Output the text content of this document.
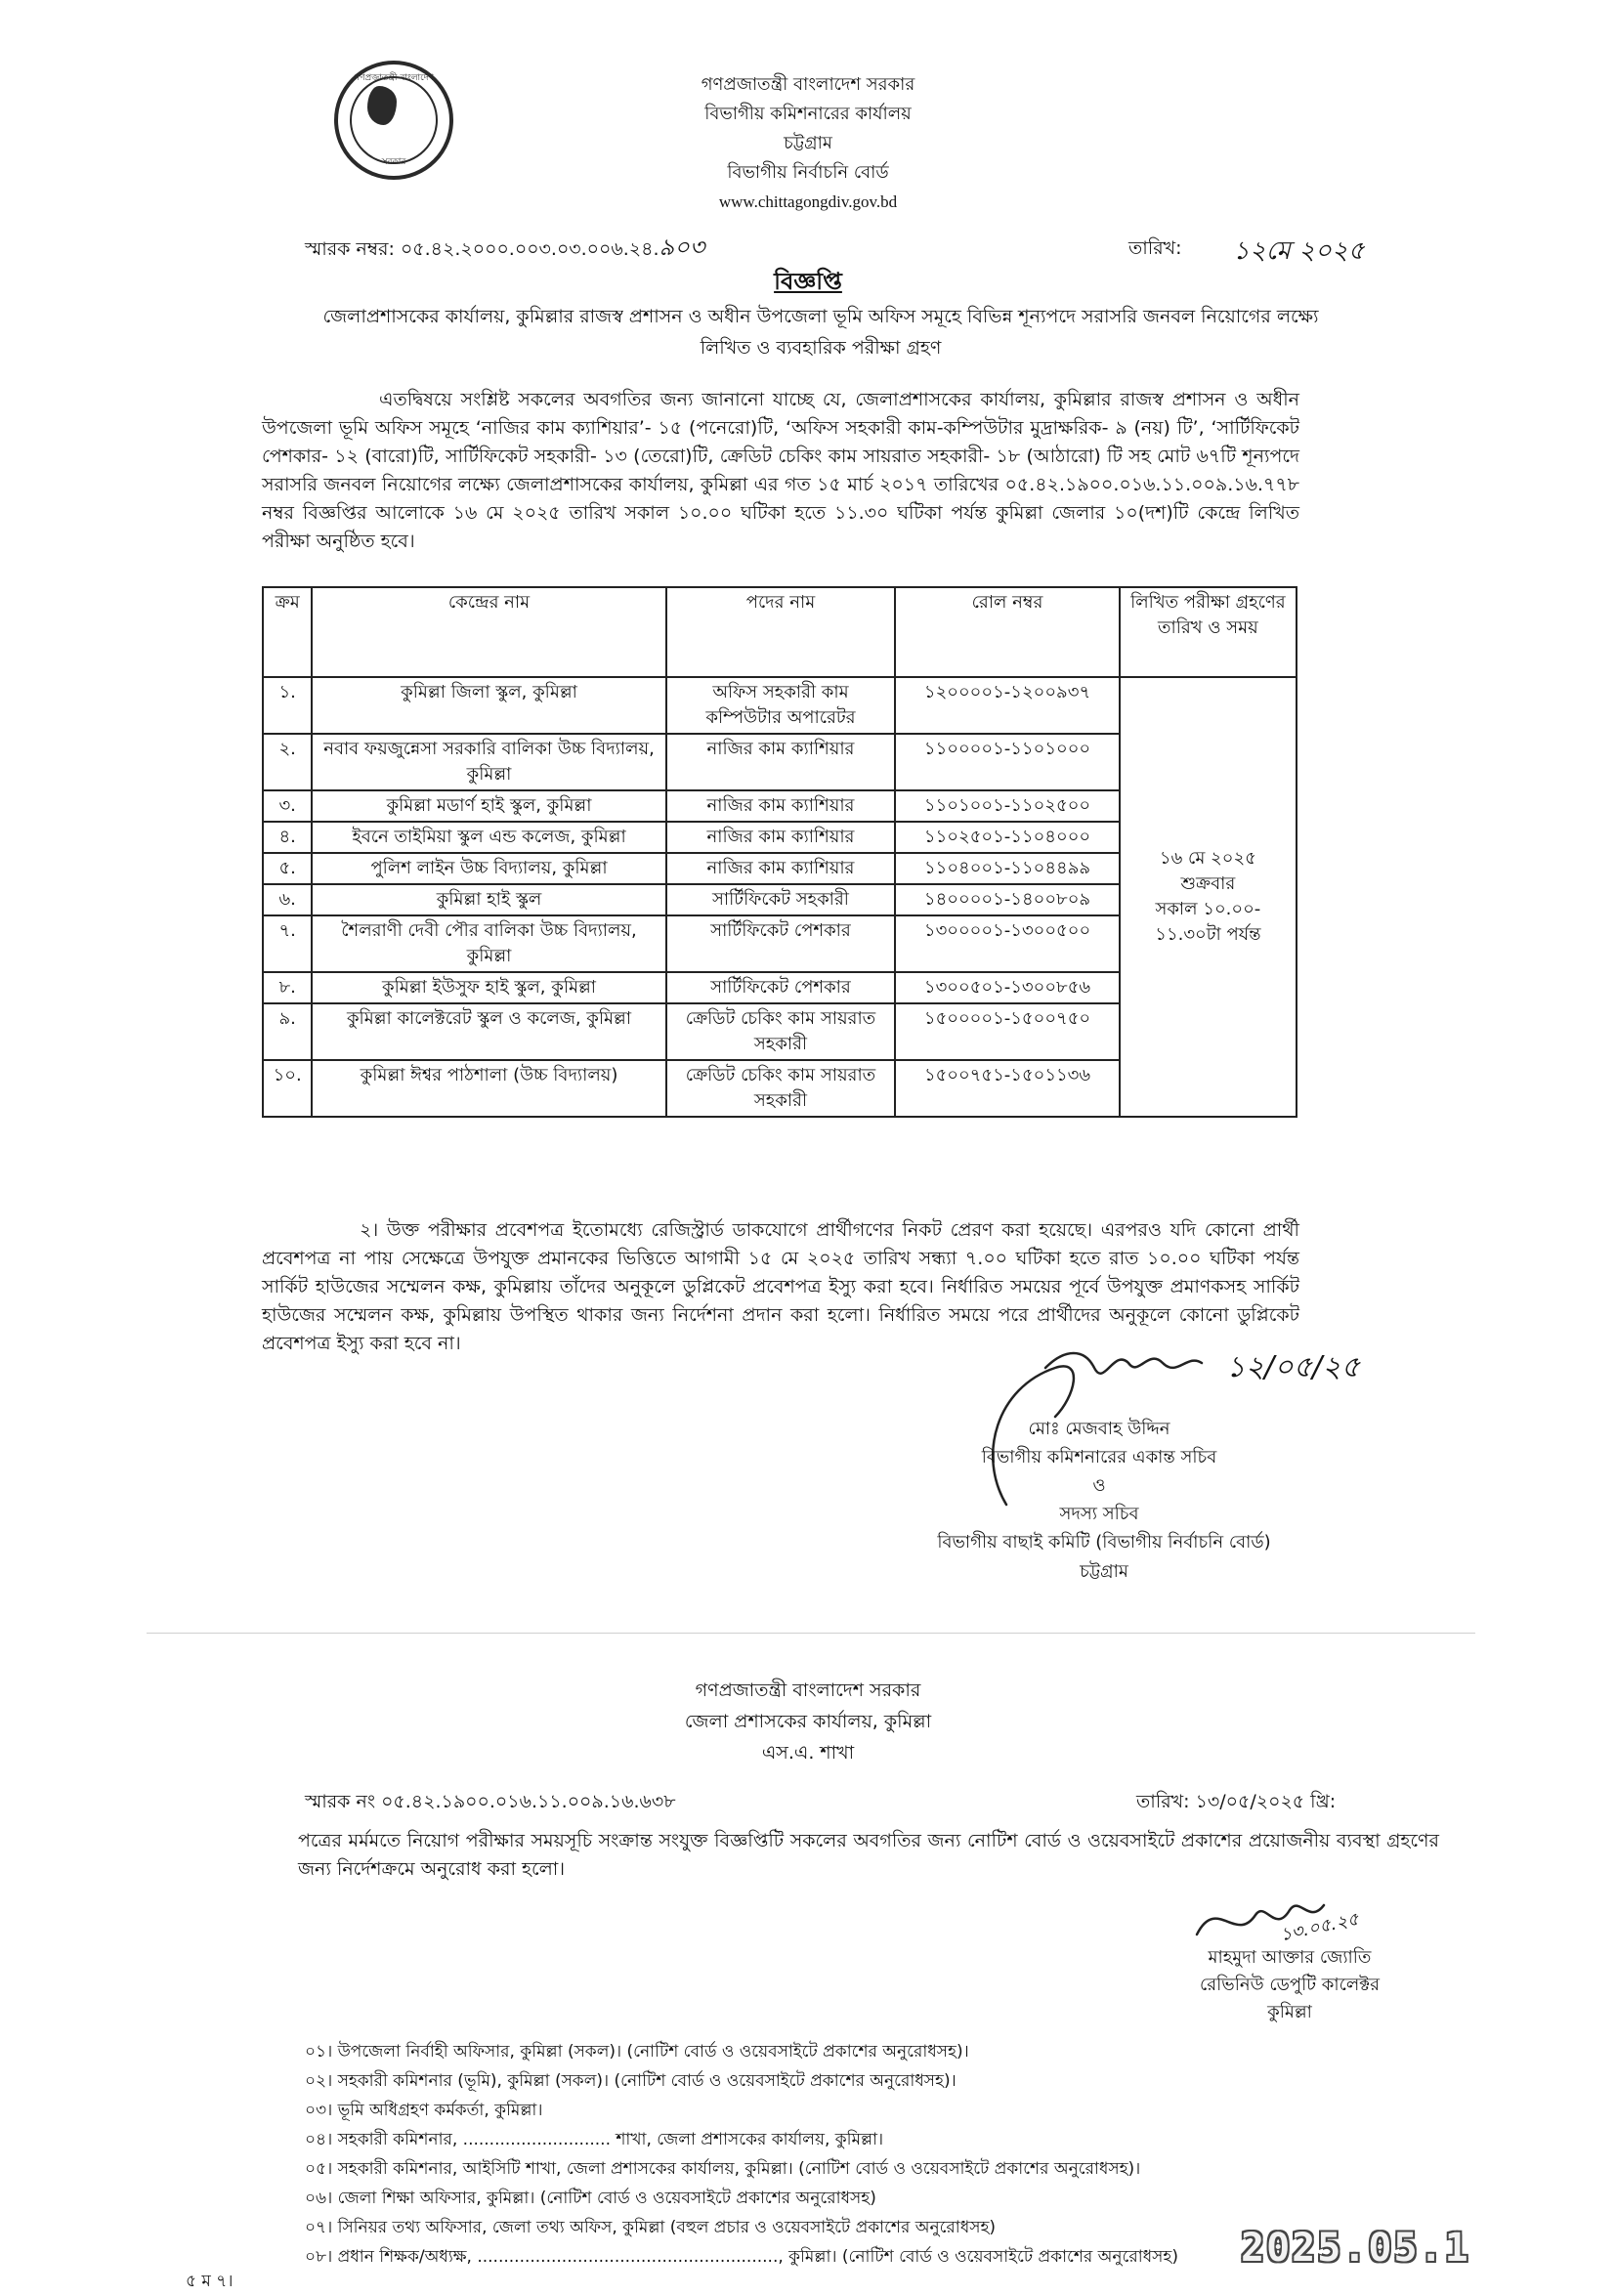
গণপ্রজাতন্ত্রী বাংলাদেশ
সরকার
গণপ্রজাতন্ত্রী বাংলাদেশ সরকার
বিভাগীয় কমিশনারের কার্যালয়
চট্টগ্রাম
বিভাগীয় নির্বাচনি বোর্ড
www.chittagongdiv.gov.bd
স্মারক নম্বর: ০৫.৪২.২০০০.০০৩.০৩.০০৬.২৪.৯০৩	তারিখ: ১২মে ২০২৫
বিজ্ঞপ্তি
জেলাপ্রশাসকের কার্যালয়, কুমিল্লার রাজস্ব প্রশাসন ও অধীন উপজেলা ভূমি অফিস সমূহে বিভিন্ন শূন্যপদে সরাসরি জনবল নিয়োগের লক্ষ্যে লিখিত ও ব্যবহারিক পরীক্ষা গ্রহণ
এতদ্বিষয়ে সংশ্লিষ্ট সকলের অবগতির জন্য জানানো যাচ্ছে যে, জেলাপ্রশাসকের কার্যালয়, কুমিল্লার রাজস্ব প্রশাসন ও অধীন উপজেলা ভূমি অফিস সমূহে ‘নাজির কাম ক্যাশিয়ার’- ১৫ (পনেরো)টি, ‘অফিস সহকারী কাম-কম্পিউটার মুদ্রাক্ষরিক- ৯ (নয়) টি’, ‘সার্টিফিকেট পেশকার- ১২ (বারো)টি, সার্টিফিকেট সহকারী- ১৩ (তেরো)টি, ক্রেডিট চেকিং কাম সায়রাত সহকারী- ১৮ (আঠারো) টি সহ মোট ৬৭টি শূন্যপদে সরাসরি জনবল নিয়োগের লক্ষ্যে জেলাপ্রশাসকের কার্যালয়, কুমিল্লা এর গত ১৫ মার্চ ২০১৭ তারিখের ০৫.৪২.১৯০০.০১৬.১১.০০৯.১৬.৭৭৮ নম্বর বিজ্ঞপ্তির আলোকে ১৬ মে ২০২৫ তারিখ সকাল ১০.০০ ঘটিকা হতে ১১.৩০ ঘটিকা পর্যন্ত কুমিল্লা জেলার ১০(দশ)টি কেন্দ্রে লিখিত পরীক্ষা অনুষ্ঠিত হবে।
ক্রম	কেন্দ্রের নাম	পদের নাম	রোল নম্বর	লিখিত পরীক্ষা গ্রহণের তারিখ ও সময়
১.	কুমিল্লা জিলা স্কুল, কুমিল্লা	অফিস সহকারী কাম কম্পিউটার অপারেটর	১২০০০০১-১২০০৯৩৭	১৬ মে ২০২৫
শুক্রবার
সকাল ১০.০০-
১১.৩০টা পর্যন্ত

২.	নবাব ফয়জুন্নেসা সরকারি বালিকা উচ্চ বিদ্যালয়, কুমিল্লা	নাজির কাম ক্যাশিয়ার	১১০০০০১-১১০১০০০	
৩.	কুমিল্লা মডার্ণ হাই স্কুল, কুমিল্লা	নাজির কাম ক্যাশিয়ার	১১০১০০১-১১০২৫০০	
৪.	ইবনে তাইমিয়া স্কুল এন্ড কলেজ, কুমিল্লা	নাজির কাম ক্যাশিয়ার	১১০২৫০১-১১০৪০০০	
৫.	পুলিশ লাইন উচ্চ বিদ্যালয়, কুমিল্লা	নাজির কাম ক্যাশিয়ার	১১০৪০০১-১১০৪৪৯৯	
৬.	কুমিল্লা হাই স্কুল	সার্টিফিকেট সহকারী	১৪০০০০১-১৪০০৮০৯	
৭.	শৈলরাণী দেবী পৌর বালিকা উচ্চ বিদ্যালয়, কুমিল্লা	সার্টিফিকেট পেশকার	১৩০০০০১-১৩০০৫০০	
৮.	কুমিল্লা ইউসুফ হাই স্কুল, কুমিল্লা	সার্টিফিকেট পেশকার	১৩০০৫০১-১৩০০৮৫৬	
৯.	কুমিল্লা কালেক্টরেট স্কুল ও কলেজ, কুমিল্লা	ক্রেডিট চেকিং কাম সায়রাত সহকারী	১৫০০০০১-১৫০০৭৫০	
১০.	কুমিল্লা ঈশ্বর পাঠশালা (উচ্চ বিদ্যালয়)	ক্রেডিট চেকিং কাম সায়রাত সহকারী	১৫০০৭৫১-১৫০১১৩৬	
২। উক্ত পরীক্ষার প্রবেশপত্র ইতোমধ্যে রেজিস্ট্রার্ড ডাকযোগে প্রার্থীগণের নিকট প্রেরণ করা হয়েছে। এরপরও যদি কোনো প্রার্থী প্রবেশপত্র না পায় সেক্ষেত্রে উপযুক্ত প্রমানকের ভিত্তিতে আগামী ১৫ মে ২০২৫ তারিখ সন্ধ্যা ৭.০০ ঘটিকা হতে রাত ১০.০০ ঘটিকা পর্যন্ত সার্কিট হাউজের সম্মেলন কক্ষ, কুমিল্লায় তাঁদের অনুকূলে ডুপ্লিকেট প্রবেশপত্র ইস্যু করা হবে। নির্ধারিত সময়ের পূর্বে উপযুক্ত প্রমাণকসহ সার্কিট হাউজের সম্মেলন কক্ষ, কুমিল্লায় উপস্থিত থাকার জন্য নির্দেশনা প্রদান করা হলো। নির্ধারিত সময়ে পরে প্রার্থীদের অনুকূলে কোনো ডুপ্লিকেট প্রবেশপত্র ইস্যু করা হবে না।
১২/০৫/২৫
মোঃ মেজবাহ উদ্দিন
বিভাগীয় কমিশনারের একান্ত সচিব
ও
সদস্য সচিব
বিভাগীয় বাছাই কমিটি (বিভাগীয় নির্বাচনি বোর্ড)
চট্টগ্রাম
গণপ্রজাতন্ত্রী বাংলাদেশ সরকার
জেলা প্রশাসকের কার্যালয়, কুমিল্লা
এস.এ. শাখা
স্মারক নং ০৫.৪২.১৯০০.০১৬.১১.০০৯.১৬.৬৩৮	তারিখ: ১৩/০৫/২০২৫ খ্রি:
পত্রের মর্মমতে নিয়োগ পরীক্ষার সময়সূচি সংক্রান্ত সংযুক্ত বিজ্ঞপ্তিটি সকলের অবগতির জন্য নোটিশ বোর্ড ও ওয়েবসাইটে প্রকাশের প্রয়োজনীয় ব্যবস্থা গ্রহণের জন্য নির্দেশক্রমে অনুরোধ করা হলো।
১৩.০৫.২৫
মাহমুদা আক্তার জ্যোতি
রেভিনিউ ডেপুটি কালেক্টর
কুমিল্লা
০১। উপজেলা নির্বাহী অফিসার, কুমিল্লা (সকল)। (নোটিশ বোর্ড ও ওয়েবসাইটে প্রকাশের অনুরোধসহ)।
০২। সহকারী কমিশনার (ভূমি), কুমিল্লা (সকল)। (নোটিশ বোর্ড ও ওয়েবসাইটে প্রকাশের অনুরোধসহ)।
০৩। ভূমি অধিগ্রহণ কর্মকর্তা, কুমিল্লা।
০৪। সহকারী কমিশনার, ............................ শাখা, জেলা প্রশাসকের কার্যালয়, কুমিল্লা।
০৫। সহকারী কমিশনার, আইসিটি শাখা, জেলা প্রশাসকের কার্যালয়, কুমিল্লা। (নোটিশ বোর্ড ও ওয়েবসাইটে প্রকাশের অনুরোধসহ)।
০৬। জেলা শিক্ষা অফিসার, কুমিল্লা। (নোটিশ বোর্ড ও ওয়েবসাইটে প্রকাশের অনুরোধসহ)
০৭। সিনিয়র তথ্য অফিসার, জেলা তথ্য অফিস, কুমিল্লা (বহুল প্রচার ও ওয়েবসাইটে প্রকাশের অনুরোধসহ)
০৮। প্রধান শিক্ষক/অধ্যক্ষ, ........................................................., কুমিল্লা। (নোটিশ বোর্ড ও ওয়েবসাইটে প্রকাশের অনুরোধসহ) 2025.05.1
৫ ম ৭।
